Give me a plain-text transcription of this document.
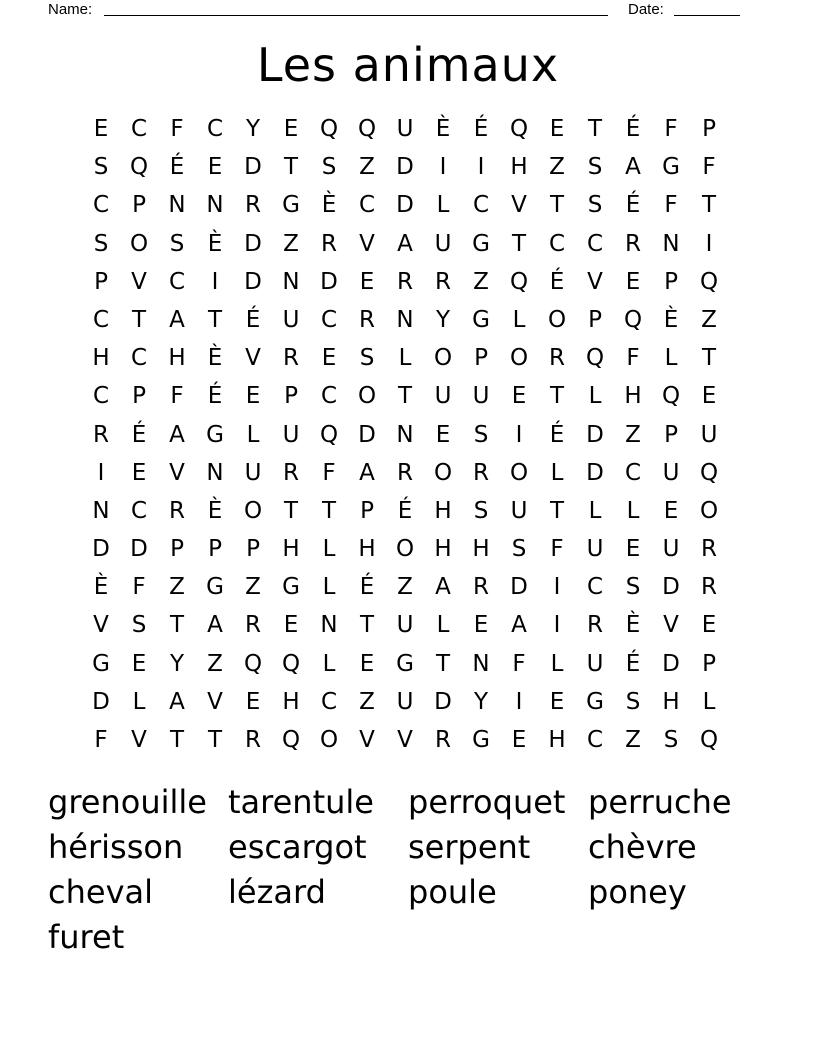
Name:	Date:
Les animaux
E C	F	C Y	E Q Q U È	É Q E	T	É	F	P
S Q É	E D T	S Z D	I	I	H Z S A G F
C	P N N R G È C D L	C V	T	S	É	F	T
S O S	È D Z R V A U G T C C R N	I
P	V C	I	D N D E R R Z Q É V E	P Q
C T	A	T	É U C R N Y G L O P Q È Z
H C H È V R E	S	L O P O R Q F	L	T
C	P	F	É	E	P	C O T U U E	T	L H Q E
R É A G L	U Q D N E	S	I	É D Z	P U
I	E V N U R	F	A R O R O L D C U Q
N C R È O T	T	P	É H S U T	L	L	E O
D D P	P	P H L H O H H S	F U E U R
È	F	Z G Z G L	É Z A R D	I	C S D R
V S	T	A R E N T U	L	E A	I	R È V E
G E	Y	Z Q Q L	E G T N F	L	U É D P
D L	A V E H C Z U D Y	I	E G S H L
F	V	T	T R Q O V V R G E H C Z S Q
grenouille tarentule	perroquet perruche
hérisson	escargot	serpent	chèvre
cheval	lézard	poule	poney
furet
